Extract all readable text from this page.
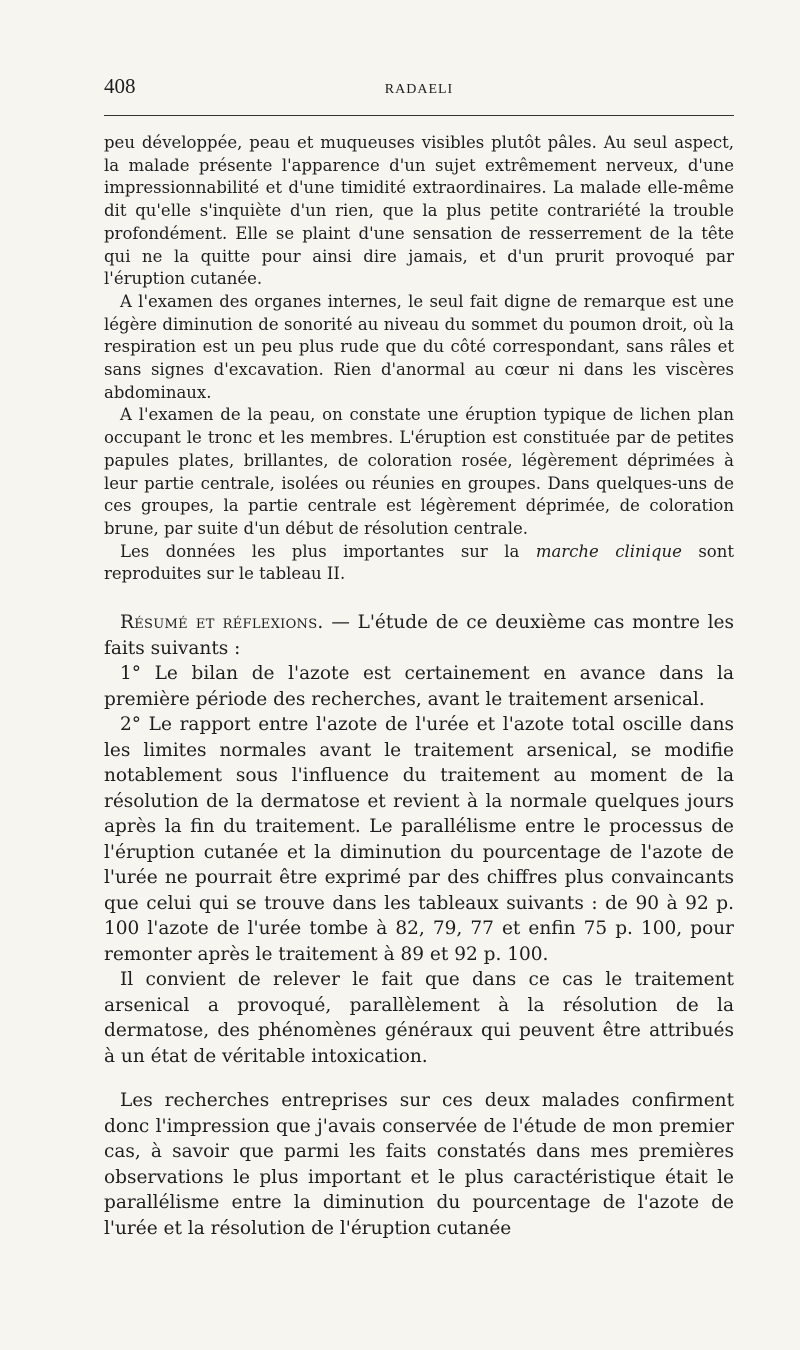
408	RADAELI

peu développée, peau et muqueuses visibles plutôt pâles. Au seul aspect, la malade présente l'apparence d'un sujet extrêmement nerveux, d'une impressionnabilité et d'une timidité extraordinaires. La malade elle-même dit qu'elle s'inquiète d'un rien, que la plus petite contrariété la trouble profondément. Elle se plaint d'une sensation de resserrement de la tête qui ne la quitte pour ainsi dire jamais, et d'un prurit provoqué par l'éruption cutanée.

A l'examen des organes internes, le seul fait digne de remarque est une légère diminution de sonorité au niveau du sommet du poumon droit, où la respiration est un peu plus rude que du côté correspondant, sans râles et sans signes d'excavation. Rien d'anormal au cœur ni dans les viscères abdominaux.

A l'examen de la peau, on constate une éruption typique de lichen plan occupant le tronc et les membres. L'éruption est constituée par de petites papules plates, brillantes, de coloration rosée, légèrement déprimées à leur partie centrale, isolées ou réunies en groupes. Dans quelques-uns de ces groupes, la partie centrale est légèrement déprimée, de coloration brune, par suite d'un début de résolution centrale.

Les données les plus importantes sur la marche clinique sont reproduites sur le tableau II.

Résumé et réflexions. — L'étude de ce deuxième cas montre les faits suivants :

1° Le bilan de l'azote est certainement en avance dans la première période des recherches, avant le traitement arsenical.

2° Le rapport entre l'azote de l'urée et l'azote total oscille dans les limites normales avant le traitement arsenical, se modifie notablement sous l'influence du traitement au moment de la résolution de la dermatose et revient à la normale quelques jours après la fin du traitement. Le parallélisme entre le processus de l'éruption cutanée et la diminution du pourcentage de l'azote de l'urée ne pourrait être exprimé par des chiffres plus convaincants que celui qui se trouve dans les tableaux suivants : de 90 à 92 p. 100 l'azote de l'urée tombe à 82, 79, 77 et enfin 75 p. 100, pour remonter après le traitement à 89 et 92 p. 100.

Il convient de relever le fait que dans ce cas le traitement arsenical a provoqué, parallèlement à la résolution de la dermatose, des phénomènes généraux qui peuvent être attribués à un état de véritable intoxication.

Les recherches entreprises sur ces deux malades confirment donc l'impression que j'avais conservée de l'étude de mon premier cas, à savoir que parmi les faits constatés dans mes premières observations le plus important et le plus caractéristique était le parallélisme entre la diminution du pourcentage de l'azote de l'urée et la résolution de l'éruption cutanée
